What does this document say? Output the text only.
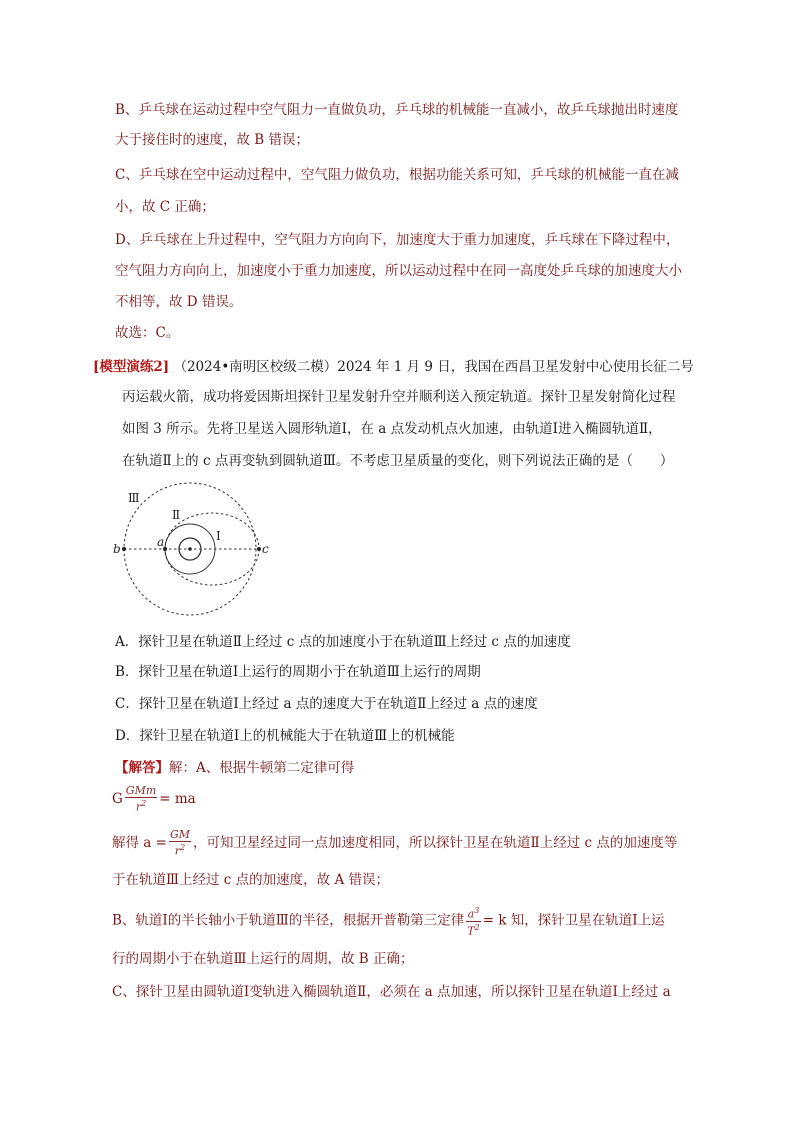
B、乒乓球在运动过程中空气阻力一直做负功，乒乓球的机械能一直减小，故乒乓球抛出时速度
大于接住时的速度，故 B 错误；
C、乒乓球在空中运动过程中，空气阻力做负功，根据功能关系可知，乒乓球的机械能一直在减
小，故 C 正确；
D、乒乓球在上升过程中，空气阻力方向向下，加速度大于重力加速度，乒乓球在下降过程中，
空气阻力方向向上，加速度小于重力加速度，所以运动过程中在同一高度处乒乓球的加速度大小
不相等，故 D 错误。
故选：C。
[模型演练2] （2024•南明区校级二模）2024 年 1 月 9 日，我国在西昌卫星发射中心使用长征二号
丙运载火箭，成功将爱因斯坦探针卫星发射升空并顺利送入预定轨道。探针卫星发射简化过程
如图 3 所示。先将卫星送入圆形轨道Ⅰ，在 a 点发动机点火加速，由轨道Ⅰ进入椭圆轨道Ⅱ，
在轨道Ⅱ上的 c 点再变轨到圆轨道Ⅲ。不考虑卫星质量的变化，则下列说法正确的是（　　）
Ⅲ
Ⅱ
Ⅰ
b	a	c
A．探针卫星在轨道Ⅱ上经过 c 点的加速度小于在轨道Ⅲ上经过 c 点的加速度
B．探针卫星在轨道Ⅰ上运行的周期小于在轨道Ⅲ上运行的周期
C．探针卫星在轨道Ⅰ上经过 a 点的速度大于在轨道Ⅱ上经过 a 点的速度
D．探针卫星在轨道Ⅰ上的机械能大于在轨道Ⅲ上的机械能
【解答】解：A、根据牛顿第二定律可得
G $\frac{\text{GMm}}{r^2}$ = ma
解得 $a = \frac{GM}{r^2}$ ，可知卫星经过同一点加速度相同，所以探针卫星在轨道Ⅱ上经过 c 点的加速度等
于在轨道Ⅲ上经过 c 点的加速度，故 A 错误；
B、轨道Ⅰ的半长轴小于轨道Ⅲ的半径，根据开普勒第三定律 $\frac{a^3}{T^2} = k$ 知，探针卫星在轨道Ⅰ上运
行的周期小于在轨道Ⅲ上运行的周期，故 B 正确；
C、探针卫星由圆轨道Ⅰ变轨进入椭圆轨道Ⅱ，必须在 a 点加速，所以探针卫星在轨道Ⅰ上经过 a
